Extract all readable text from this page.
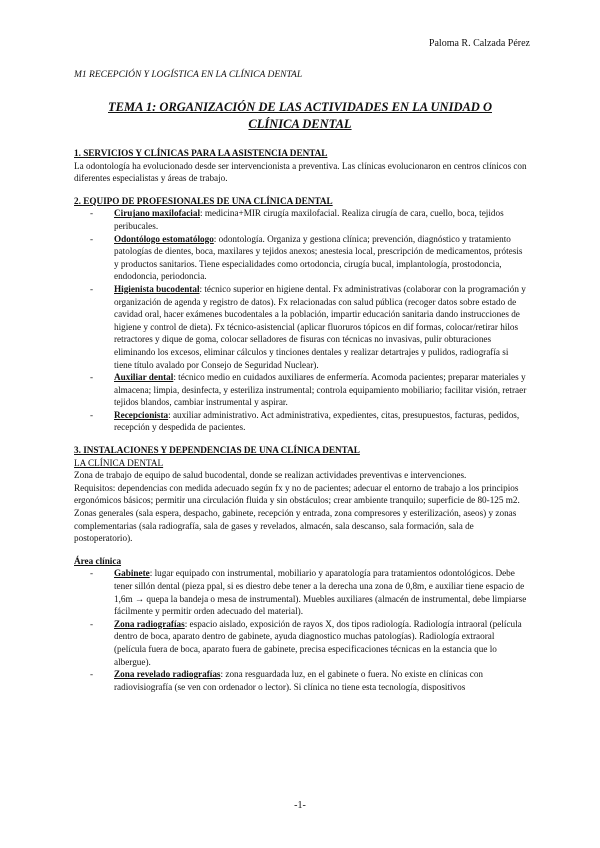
Paloma R. Calzada Pérez
M1 RECEPCIÓN Y LOGÍSTICA EN LA CLÍNICA DENTAL
TEMA 1: ORGANIZACIÓN DE LAS ACTIVIDADES EN LA UNIDAD O CLÍNICA DENTAL
1. SERVICIOS Y CLÍNICAS PARA LA ASISTENCIA DENTAL

La odontología ha evolucionado desde ser intervencionista a preventiva. Las clínicas evolucionaron en centros clínicos con diferentes especialistas y áreas de trabajo.

2. EQUIPO DE PROFESIONALES DE UNA CLÍNICA DENTAL
- Cirujano maxilofacial: medicina+MIR cirugía maxilofacial. Realiza cirugía de cara, cuello, boca, tejidos peribucales.
- Odontólogo estomatólogo: odontología. Organiza y gestiona clínica; prevención, diagnóstico y tratamiento patologías de dientes, boca, maxilares y tejidos anexos; anestesia local, prescripción de medicamentos, prótesis y productos sanitarios. Tiene especialidades como ortodoncia, cirugía bucal, implantología, prostodoncia, endodoncia, periodoncia.
- Higienista bucodental: técnico superior en higiene dental. Fx administrativas (colaborar con la programación y organización de agenda y registro de datos). Fx relacionadas con salud pública (recoger datos sobre estado de cavidad oral, hacer exámenes bucodentales a la población, impartir educación sanitaria dando instrucciones de higiene y control de dieta). Fx técnico-asistencial (aplicar fluoruros tópicos en dif formas, colocar/retirar hilos retractores y dique de goma, colocar selladores de fisuras con técnicas no invasivas, pulir obturaciones eliminando los excesos, eliminar cálculos y tinciones dentales y realizar detartrajes y pulidos, radiografía si tiene título avalado por Consejo de Seguridad Nuclear).
- Auxiliar dental: técnico medio en cuidados auxiliares de enfermería. Acomoda pacientes; preparar materiales y almacena; limpia, desinfecta, y esteriliza instrumental; controla equipamiento mobiliario; facilitar visión, retraer tejidos blandos, cambiar instrumental y aspirar.
- Recepcionista: auxiliar administrativo. Act administrativa, expedientes, citas, presupuestos, facturas, pedidos, recepción y despedida de pacientes.
3. INSTALACIONES Y DEPENDENCIAS DE UNA CLÍNICA DENTAL

LA CLÍNICA DENTAL

Zona de trabajo de equipo de salud bucodental, donde se realizan actividades preventivas e intervenciones.

Requisitos: dependencias con medida adecuado según fx y no de pacientes; adecuar el entorno de trabajo a los principios ergonómicos básicos; permitir una circulación fluida y sin obstáculos; crear ambiente tranquilo; superficie de 80-125 m2.

Zonas generales (sala espera, despacho, gabinete, recepción y entrada, zona compresores y esterilización, aseos) y zonas complementarias (sala radiografía, sala de gases y revelados, almacén, sala descanso, sala formación, sala de postoperatorio).

Área clínica

- Gabinete: lugar equipado con instrumental, mobiliario y aparatología para tratamientos odontológicos. Debe tener sillón dental (pieza ppal, si es diestro debe tener a la derecha una zona de 0,8m, e auxiliar tiene espacio de 1,6m → quepa la bandeja o mesa de instrumental). Muebles auxiliares (almacén de instrumental, debe limpiarse fácilmente y permitir orden adecuado del material).
- Zona radiografías: espacio aislado, exposición de rayos X, dos tipos radiología. Radiología intraoral (película dentro de boca, aparato dentro de gabinete, ayuda diagnostico muchas patologías). Radiología extraoral (película fuera de boca, aparato fuera de gabinete, precisa especificaciones técnicas en la estancia que lo albergue).
- Zona revelado radiografías: zona resguardada luz, en el gabinete o fuera. No existe en clínicas con radiovisiografía (se ven con ordenador o lector). Si clínica no tiene esta tecnología, dispositivos
-1-
